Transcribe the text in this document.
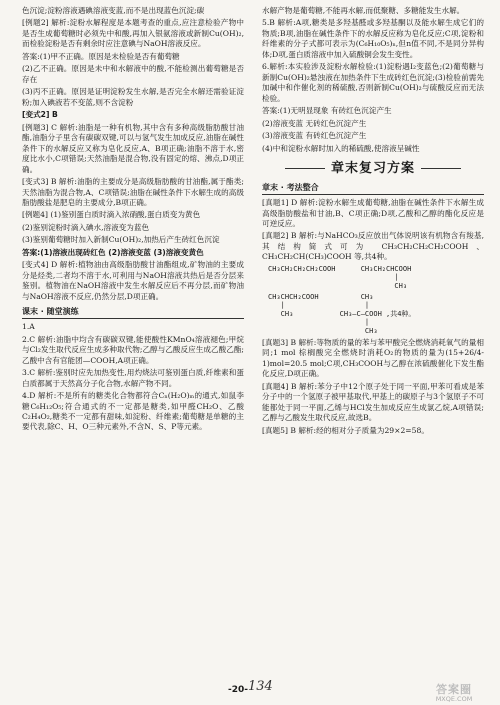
色沉淀;淀粉溶液遇碘溶液变蓝,而不是出现蓝色沉淀;碳

[例题2] 解析:淀粉水解程度是本题考查的重点,应注意检验产物中是否生成葡萄糖时必须先中和酸,再加入银氨溶液或新制Cu(OH)₂,而检验淀粉是否有剩余时应注意碘与NaOH溶液反应。

答案:(1)甲不正确。原因是未检验是否有葡萄糖

(2)乙不正确。原因是未中和水解液中的酸,不能检测出葡萄糖是否存在

(3)丙不正确。原因是证明淀粉发生水解,是否完全水解还需验证淀粉;加入碘液若不变蓝,则不含淀粉

[变式2] B

[例题3] C 解析:油脂是一种有机物,其中含有多种高级脂肪酸甘油酯,油脂分子里含有碳碳双键,可以与氢气发生加成反应,油脂在碱性条件下的水解反应又称为皂化反应,A、B项正确;油脂不溶于水,密度比水小,C项错误;天然油脂是混合物,没有固定的熔、沸点,D项正确。

[变式3] B 解析:油脂的主要成分是高级脂肪酸的甘油酯,属于酯类;天然油脂为混合物,A、C项错误;油脂在碱性条件下水解生成的高级脂肪酸盐是肥皂的主要成分,B项正确。

[例题4] (1)鉴别蛋白质时滴入浓硝酸,蛋白质变为黄色

(2)鉴别淀粉时滴入碘水,溶液变为蓝色

(3)鉴别葡萄糖时加入新制Cu(OH)₂,加热后产生砖红色沉淀

答案:(1)溶液出现砖红色 (2)溶液变蓝 (3)溶液变黄色

[变式4] D 解析:植物油由高级脂肪酸甘油酯组成,矿物油的主要成分是烃类,二者均不溶于水,可利用与NaOH溶液共热后是否分层来鉴别。植物油在NaOH溶液中发生水解反应后不再分层,而矿物油与NaOH溶液不反应,仍然分层,D项正确。

课末 · 随堂演练

1.A

2.C 解析:油脂中均含有碳碳双键,能使酸性KMnO₄溶液褪色;甲烷与Cl₂发生取代反应生成多种取代物;乙醇与乙酸反应生成乙酸乙酯;乙酸中含有官能团—COOH,A项正确。

3.C 解析:鉴别时应先加热变性,用灼烧法可鉴别蛋白质,纤维素和蛋白质都属于天然高分子化合物,水解产物不同。

4.D 解析:不是所有的糖类化合物都符合Cₙ(H₂O)ₘ的通式,如鼠李糖C₆H₁₂O₅;符合通式的不一定都是糖类,如甲醛CH₂O、乙酸C₂H₄O₂,糖类不一定都有甜味,如淀粉、纤维素;葡萄糖是单糖的主要代表,除C、H、O三种元素外,不含N、S、P等元素。

水解产物是葡萄糖,不能再水解,而低聚糖、多糖能发生水解。

5.B 解析:A项,糖类是多羟基醛或多羟基酮以及能水解生成它们的物质;B项,油脂在碱性条件下的水解反应称为皂化反应;C项,淀粉和纤维素的分子式都可表示为(C₆H₁₀O₅)ₙ,但n值不同,不是同分异构体;D项,蛋白质溶液中加入硫酸铜会发生变性。

6.解析:本实验涉及淀粉水解检验:(1)淀粉遇I₂变蓝色;(2)葡萄糖与新制Cu(OH)₂悬浊液在加热条件下生成砖红色沉淀;(3)检验前需先加碱中和作催化剂的稀硫酸,否则新制Cu(OH)₂与硫酸反应而无法检验。

答案:(1)无明显现象 有砖红色沉淀产生

(2)溶液变蓝 无砖红色沉淀产生

(3)溶液变蓝 有砖红色沉淀产生

(4)中和淀粉水解时加入的稀硫酸,使溶液呈碱性

章末复习方案
章末 · 考法整合

[真题1] D 解析:淀粉水解生成葡萄糖,油脂在碱性条件下水解生成高级脂肪酸盐和甘油,B、C项正确;D项,乙酸和乙醇的酯化反应是可逆反应。

[真题2] B 解析:与NaHCO₃反应放出气体说明该有机物含有羧基,其结构简式可为 CH₃CH₂CH₂CH₂COOH、CH₃CH₂CH(CH₃)COOH 等,共4种。

CH₃CH₂CH₂CH₂COOH      CH₃CH₂CHCOOH
|
CH₃
CH₃CHCH₂COOH          CH₃
|                   |
CH₃           CH₃—C—COOH ,共4种。
|
CH₃

[真题3] B 解析:等物质的量的苯与苯甲酸完全燃烧消耗氧气的量相同;1 mol 棕榈酸完全燃烧时消耗O₂的物质的量为(15+26/4-1)mol=20.5 mol;C项,CH₃COOH与乙醇在浓硫酸催化下发生酯化反应,D项正确。

[真题4] B 解析:苯分子中12个原子处于同一平面,甲苯可看成是苯分子中的一个氢原子被甲基取代,甲基上的碳原子与3个氢原子不可能都处于同一平面,乙烯与HCl发生加成反应生成氯乙烷,A项错误;乙醇与乙酸发生取代反应,故选B。

[真题5] B 解析:经的相对分子质量为29×2=58。

-20- 134	答案圈
MXQE.COM
